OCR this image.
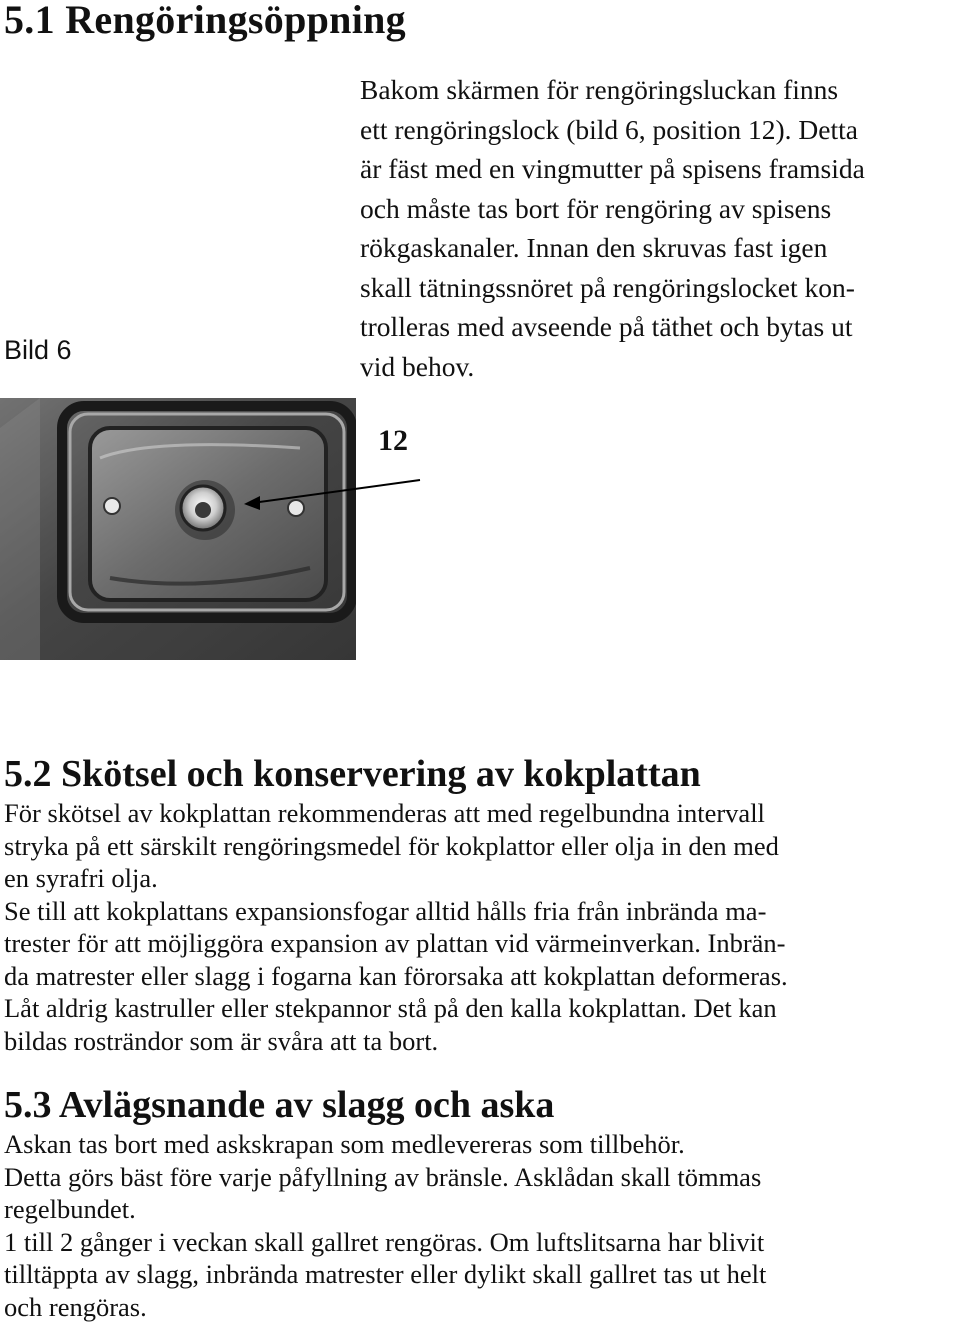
5.1 Rengöringsöppning
Bild 6

Bakom skärmen för rengöringsluckan finns

ett rengöringslock (bild 6, position 12). Detta

är fäst med en vingmutter på spisens framsida

och måste tas bort för rengöring av spisens

rökgaskanaler. Innan den skruvas fast igen

skall tätningssnöret på rengöringslocket kon-

trolleras med avseende på täthet och bytas ut

vid behov.

12
5.2 Skötsel och konservering av kokplattan

För skötsel av kokplattan rekommenderas att med regelbundna intervall

stryka på ett särskilt rengöringsmedel för kokplattor eller olja in den med

en syrafri olja.

Se till att kokplattans expansionsfogar alltid hålls fria från inbrända ma-

trester för att möjliggöra expansion av plattan vid värmeinverkan. Inbrän-

da matrester eller slagg i fogarna kan förorsaka att kokplattan deformeras.

Låt aldrig kastruller eller stekpannor stå på den kalla kokplattan. Det kan

bildas rosträndor som är svåra att ta bort.

5.3 Avlägsnande av slagg och aska

Askan tas bort med askskrapan som medlevereras som tillbehör.

Detta görs bäst före varje påfyllning av bränsle. Asklådan skall tömmas

regelbundet.

1 till 2 gånger i veckan skall gallret rengöras. Om luftslitsarna har blivit

tilltäppta av slagg, inbrända matrester eller dylikt skall gallret tas ut helt

och rengöras.
